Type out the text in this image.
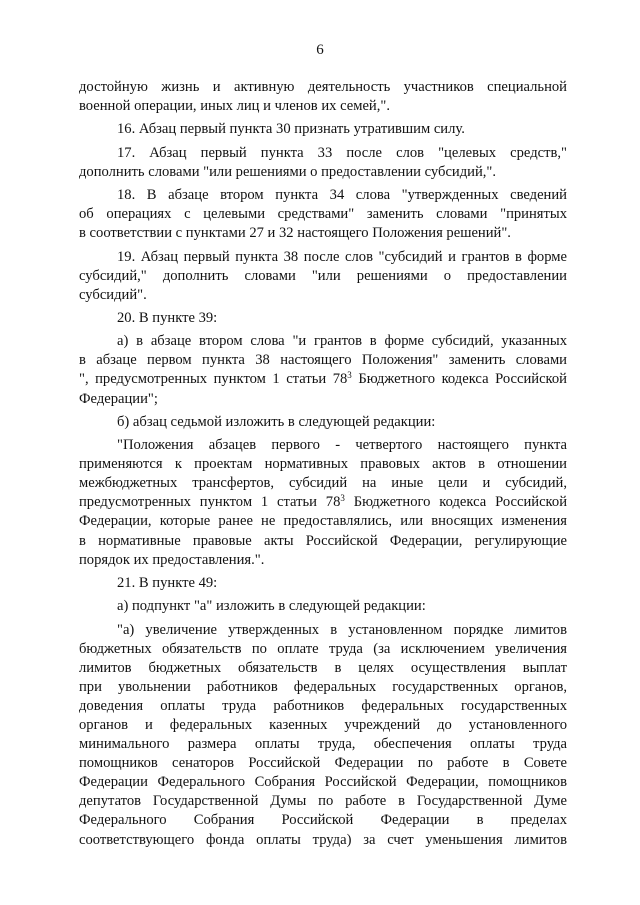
6
достойную жизнь и активную деятельность участников специальной
военной операции, иных лиц и членов их семей,".
16. Абзац первый пункта 30 признать утратившим силу.
17. Абзац первый пункта 33 после слов "целевых средств,"
дополнить словами "или решениями о предоставлении субсидий,".
18. В абзаце втором пункта 34 слова "утвержденных сведений
об операциях с целевыми средствами" заменить словами "принятых
в соответствии с пунктами 27 и 32 настоящего Положения решений".
19. Абзац первый пункта 38 после слов "субсидий и грантов в форме
субсидий," дополнить словами "или решениями о предоставлении
субсидий".
20. В пункте 39:
а) в абзаце втором слова "и грантов в форме субсидий, указанных
в абзаце первом пункта 38 настоящего Положения" заменить словами
", предусмотренных пунктом 1 статьи $78^3$ Бюджетного кодекса Российской
Федерации";
б) абзац седьмой изложить в следующей редакции:
"Положения абзацев первого - четвертого настоящего пункта
применяются к проектам нормативных правовых актов в отношении
межбюджетных трансфертов, субсидий на иные цели и субсидий,
предусмотренных пунктом 1 статьи $78^3$ Бюджетного кодекса Российской
Федерации, которые ранее не предоставлялись, или вносящих изменения
в нормативные правовые акты Российской Федерации, регулирующие
порядок их предоставления.".
21. В пункте 49:
а) подпункт "а" изложить в следующей редакции:
"а) увеличение утвержденных в установленном порядке лимитов
бюджетных обязательств по оплате труда (за исключением увеличения
лимитов бюджетных обязательств в целях осуществления выплат
при увольнении работников федеральных государственных органов,
доведения оплаты труда работников федеральных государственных
органов и федеральных казенных учреждений до установленного
минимального размера оплаты труда, обеспечения оплаты труда
помощников сенаторов Российской Федерации по работе в Совете
Федерации Федерального Собрания Российской Федерации, помощников
депутатов Государственной Думы по работе в Государственной Думе
Федерального Собрания Российской Федерации в пределах
соответствующего фонда оплаты труда) за счет уменьшения лимитов
